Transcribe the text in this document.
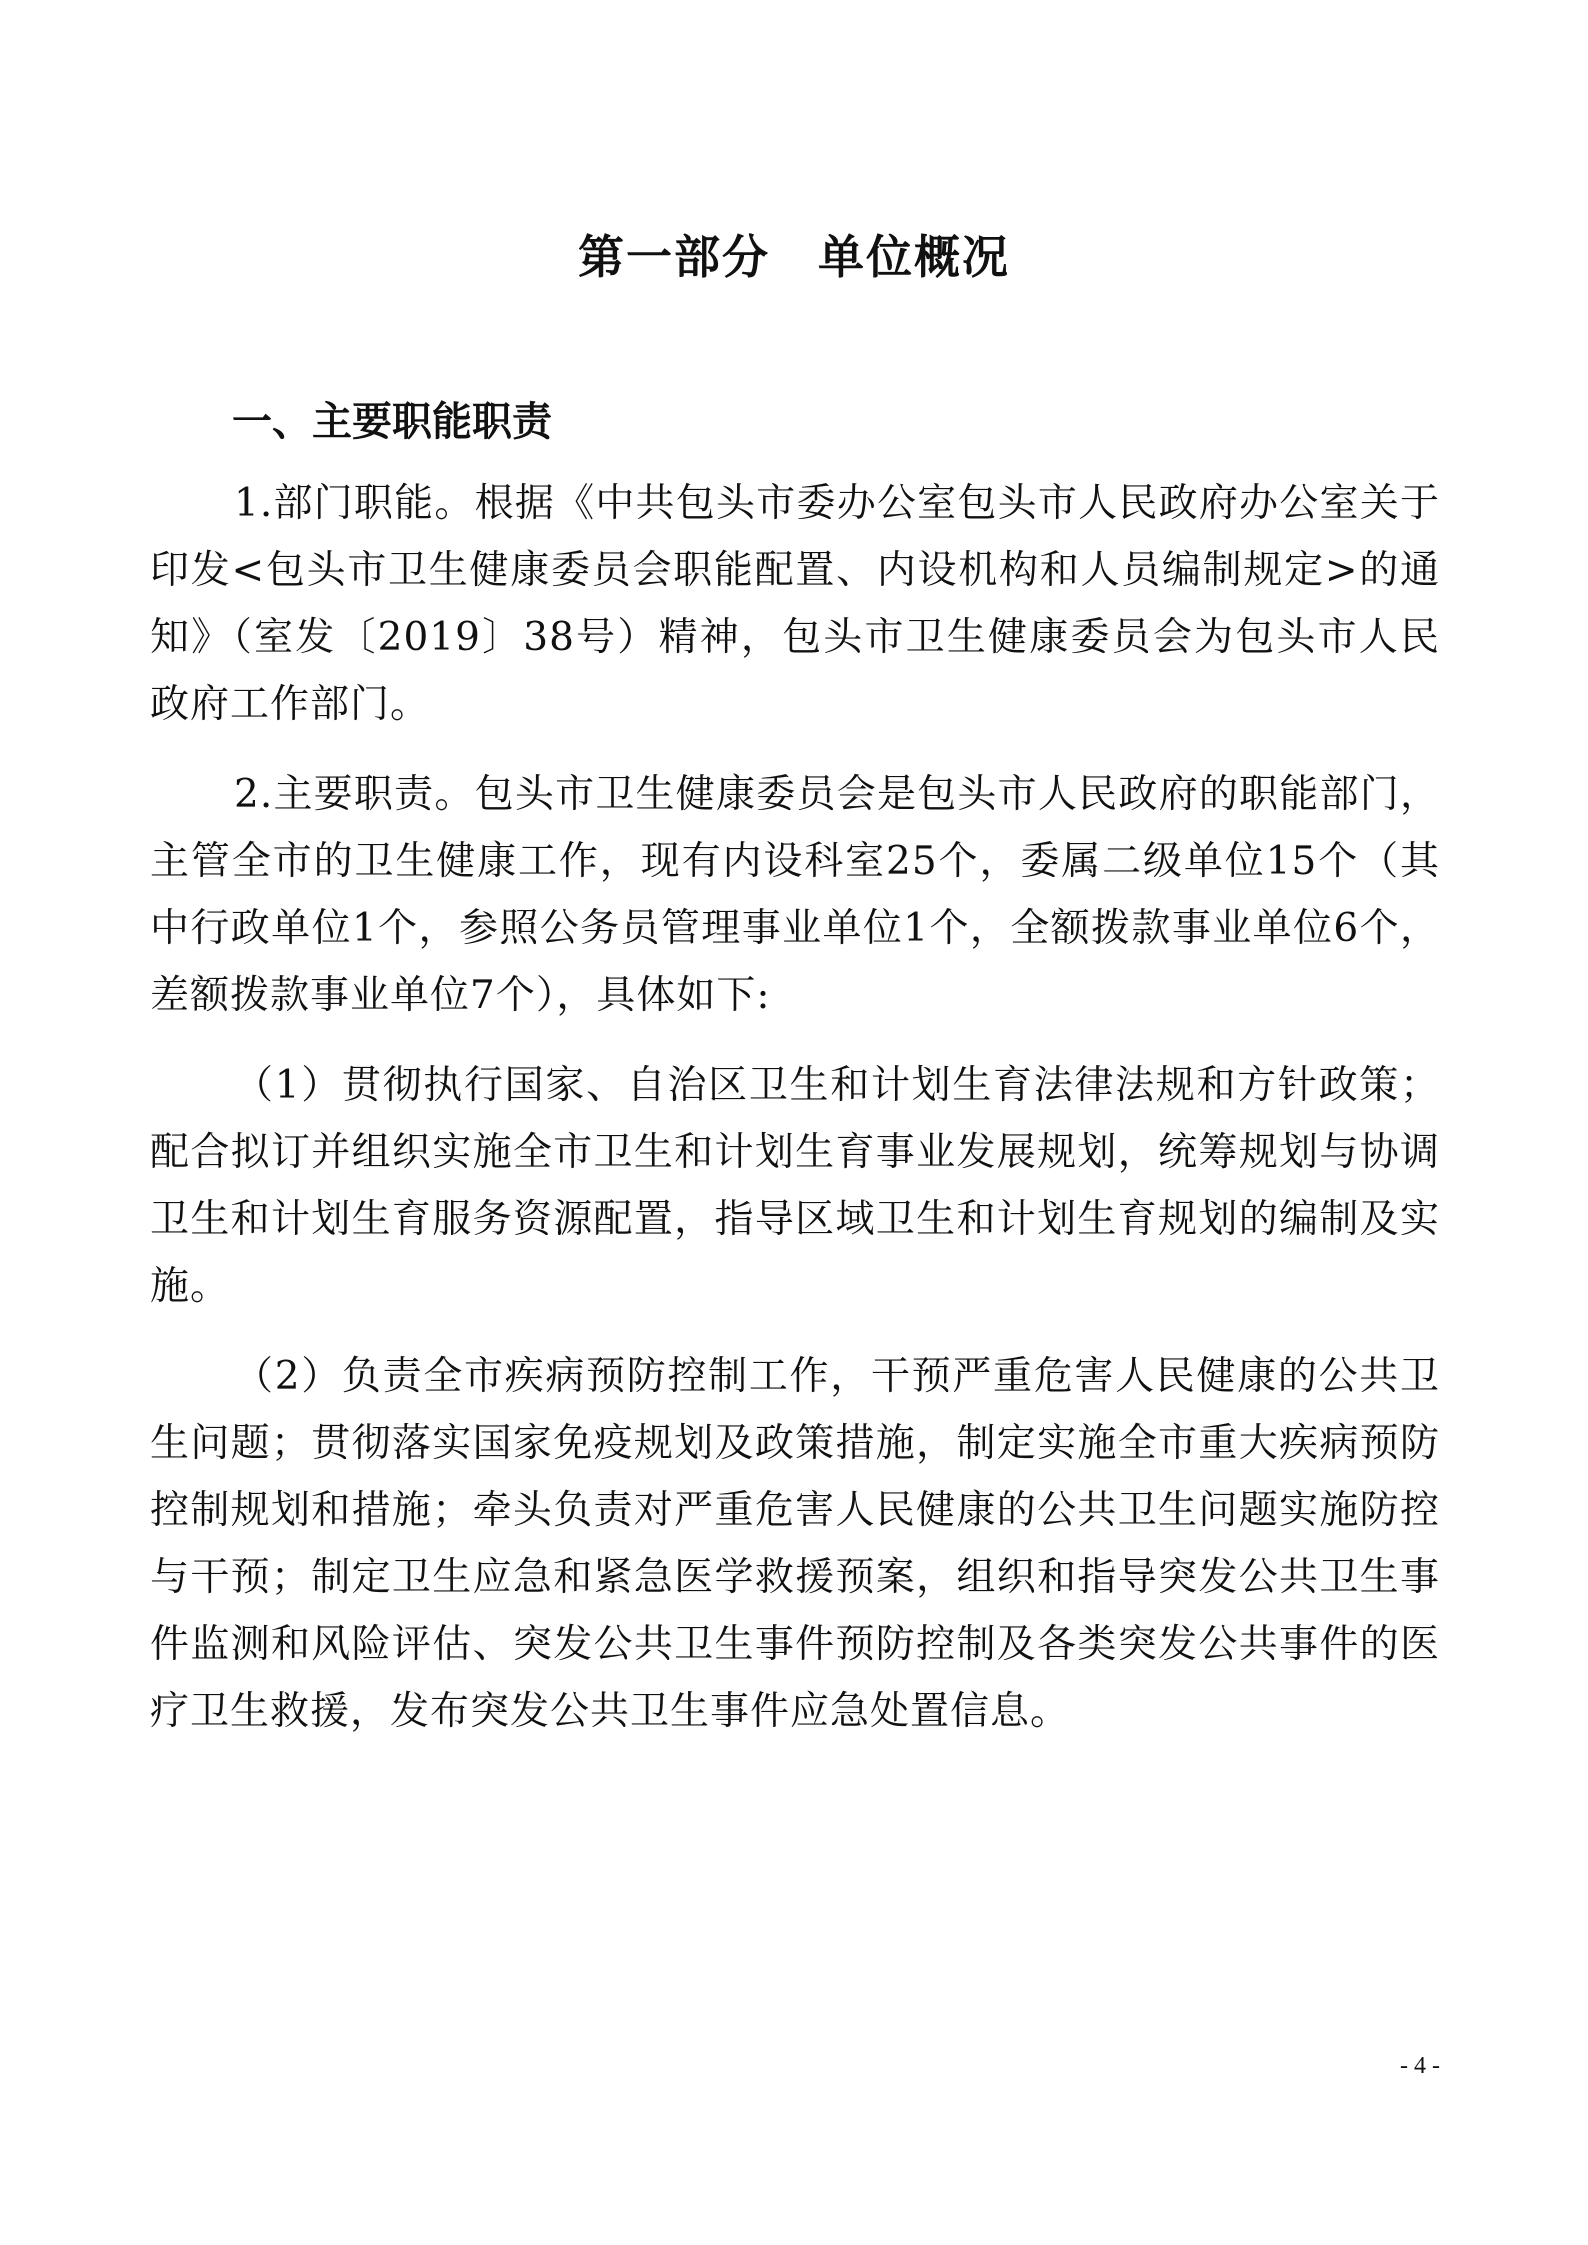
第一部分 单位概况
一、主要职能职责

1.部门职能。根据《中共包头市委办公室包头市人民政府办公室关于印发<包头市卫生健康委员会职能配置、内设机构和人员编制规定>的通知》（室发〔2019〕38号）精神，包头市卫生健康委员会为包头市人民政府工作部门。

2.主要职责。包头市卫生健康委员会是包头市人民政府的职能部门，主管全市的卫生健康工作，现有内设科室25个，委属二级单位15个（其中行政单位1个，参照公务员管理事业单位1个，全额拨款事业单位6个，差额拨款事业单位7个），具体如下:

（1）贯彻执行国家、自治区卫生和计划生育法律法规和方针政策；配合拟订并组织实施全市卫生和计划生育事业发展规划，统筹规划与协调卫生和计划生育服务资源配置，指导区域卫生和计划生育规划的编制及实施。

（2）负责全市疾病预防控制工作，干预严重危害人民健康的公共卫生问题；贯彻落实国家免疫规划及政策措施，制定实施全市重大疾病预防控制规划和措施；牵头负责对严重危害人民健康的公共卫生问题实施防控与干预；制定卫生应急和紧急医学救援预案，组织和指导突发公共卫生事件监测和风险评估、突发公共卫生事件预防控制及各类突发公共事件的医疗卫生救援，发布突发公共卫生事件应急处置信息。

- 4 -
